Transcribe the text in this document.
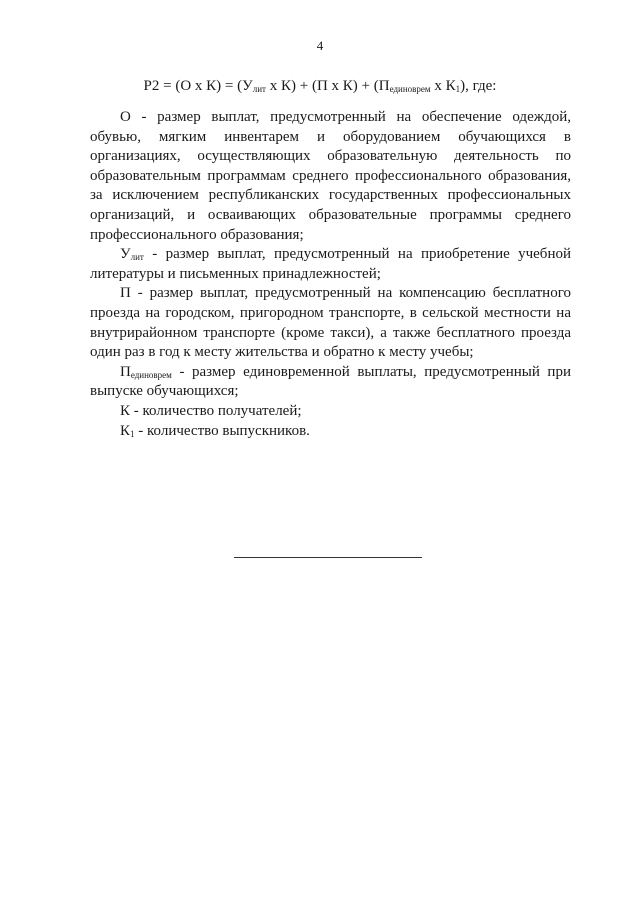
4
Р2 = (О х $К) = (У_{лит}$ х К) + (П х $К) + (П_{единоврем}$ х $К_1$), где:

О - размер выплат, предусмотренный на обеспечение одеждой, обувью, мягким инвентарем и оборудованием обучающихся в организациях, осуществляющих образовательную деятельность по образовательным программам среднего профессионального образования, за исключением республиканских государственных профессиональных организаций, и осваивающих образовательные программы среднего профессионального образования;

$У_{лит}$ - размер выплат, предусмотренный на приобретение учебной литературы и письменных принадлежностей;

П - размер выплат, предусмотренный на компенсацию бесплатного проезда на городском, пригородном транспорте, в сельской местности на внутрирайонном транспорте (кроме такси), а также бесплатного проезда один раз в год к месту жительства и обратно к месту учебы;

$П_{единоврем}$ - размер единовременной выплаты, предусмотренный при выпуске обучающихся;

К - количество получателей;

$К_1$ - количество выпускников.
